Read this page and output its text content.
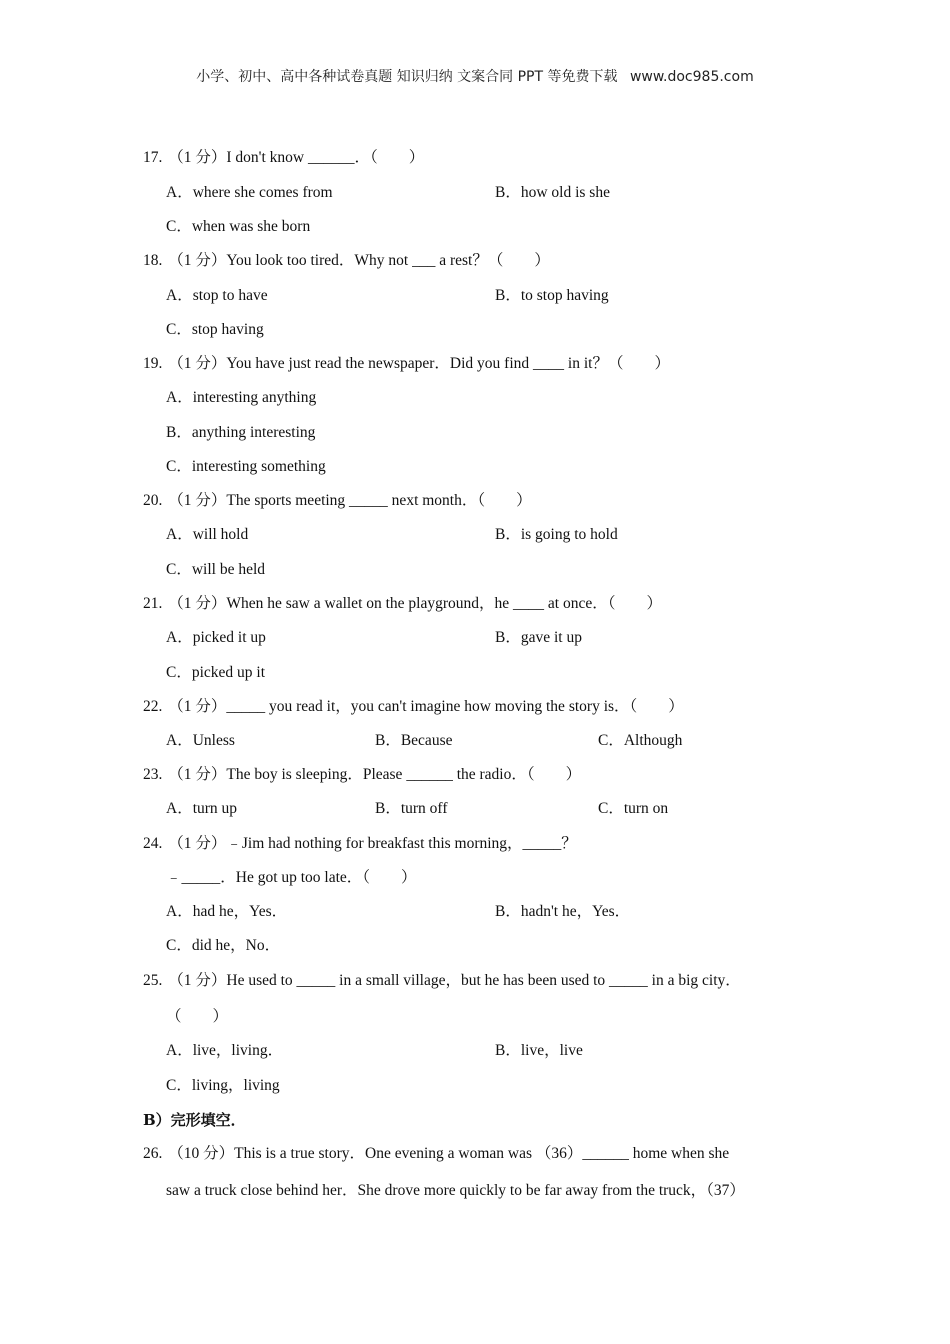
小学、初中、高中各种试卷真题 知识归纳 文案合同 PPT 等免费下载 www.doc985.com
17. （1 分）I don't know ______．（　　）
A．where she comes from	B．how old is she
C．when was she born
18. （1 分）You look too tired．Why not ___ a rest？（　　）
A．stop to have	B．to stop having
C．stop having
19. （1 分）You have just read the newspaper．Did you find ____ in it？（　　）
A．interesting anything
B．anything interesting
C．interesting something
20. （1 分）The sports meeting _____ next month．（　　）
A．will hold	B．is going to hold
C．will be held
21. （1 分）When he saw a wallet on the playground，he ____ at once．（　　）
A．picked it up	B．gave it up
C．picked up it
22. （1 分）_____ you read it，you can't imagine how moving the story is．（　　）
A．Unless	B．Because	C．Although
23. （1 分）The boy is sleeping．Please ______ the radio．（　　）
A．turn up	B．turn off	C．turn on
24. （1 分）﹣Jim had nothing for breakfast this morning，_____？
﹣_____．He got up too late．（　　）
A．had he，Yes．	B．hadn't he，Yes．
C．did he，No．
25. （1 分）He used to _____ in a small village，but he has been used to _____ in a big city．
（　　）
A．live，living．	B．live，live
C．living，living
B）完形填空．
26. （10 分）This is a true story．One evening a woman was （36）______ home when she
saw a truck close behind her．She drove more quickly to be far away from the truck，（37）
